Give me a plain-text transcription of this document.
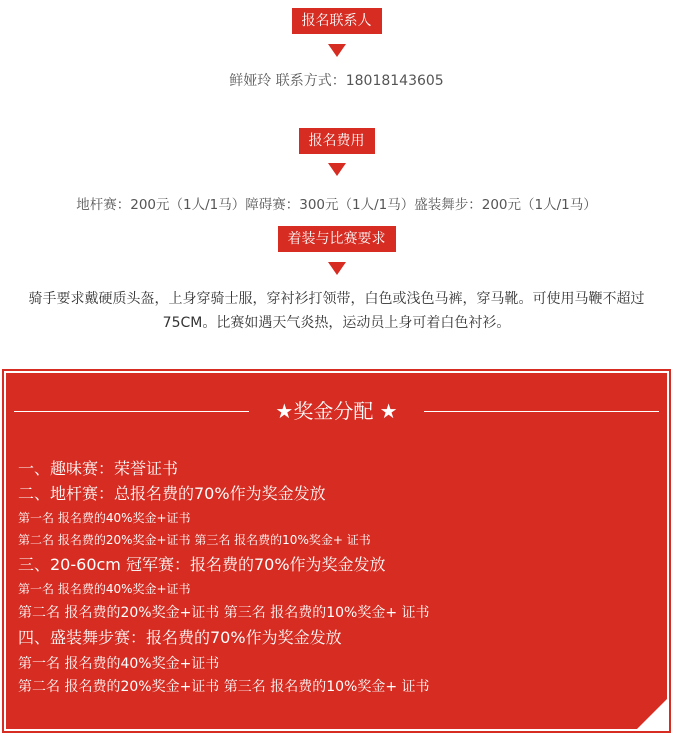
报名联系人
鲜娅玲 联系方式：18018143605
报名费用
地杆赛：200元（1人/1马）障碍赛：300元（1人/1马）盛装舞步：200元（1人/1马）
着装与比赛要求
骑手要求戴硬质头盔，上身穿骑士服，穿衬衫打领带，白色或浅色马裤，穿马靴。可使用马鞭不超过75CM。比赛如遇天气炎热，运动员上身可着白色衬衫。
★奖金分配 ★
一、趣味赛：荣誉证书
二、地杆赛：总报名费的70%作为奖金发放
第一名 报名费的40%奖金+证书
第二名 报名费的20%奖金+证书 第三名 报名费的10%奖金+ 证书
三、20-60cm 冠军赛：报名费的70%作为奖金发放
第一名 报名费的40%奖金+证书
第二名 报名费的20%奖金+证书 第三名 报名费的10%奖金+ 证书
四、盛装舞步赛：报名费的70%作为奖金发放
第一名 报名费的40%奖金+证书
第二名 报名费的20%奖金+证书 第三名 报名费的10%奖金+ 证书
